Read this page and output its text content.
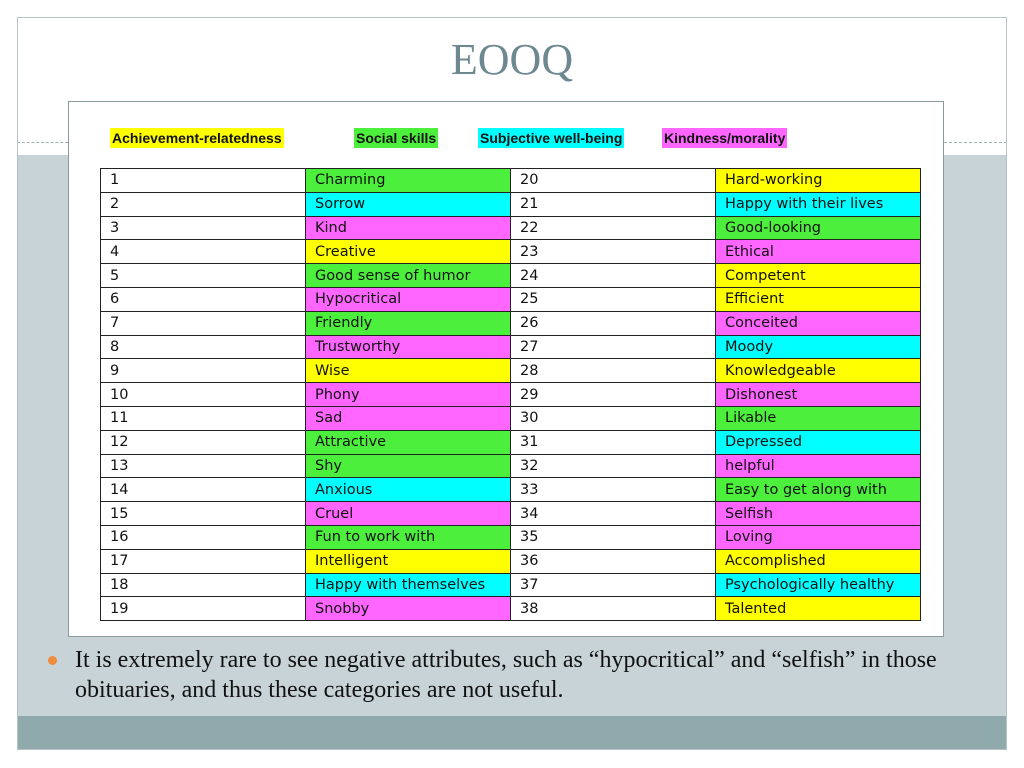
EOOQ
Achievement-relatedness	Social skills	Subjective well-being	Kindness/morality
1	Charming	20	Hard-working
2	Sorrow	21	Happy with their lives
3	Kind	22	Good-looking
4	Creative	23	Ethical
5	Good sense of humor	24	Competent
6	Hypocritical	25	Efficient
7	Friendly	26	Conceited
8	Trustworthy	27	Moody
9	Wise	28	Knowledgeable
10	Phony	29	Dishonest
11	Sad	30	Likable
12	Attractive	31	Depressed
13	Shy	32	helpful
14	Anxious	33	Easy to get along with
15	Cruel	34	Selfish
16	Fun to work with	35	Loving
17	Intelligent	36	Accomplished
18	Happy with themselves	37	Psychologically healthy
19	Snobby	38	Talented
It is extremely rare to see negative attributes, such as “hypocritical” and “selfish” in those obituaries, and thus these categories are not useful.
